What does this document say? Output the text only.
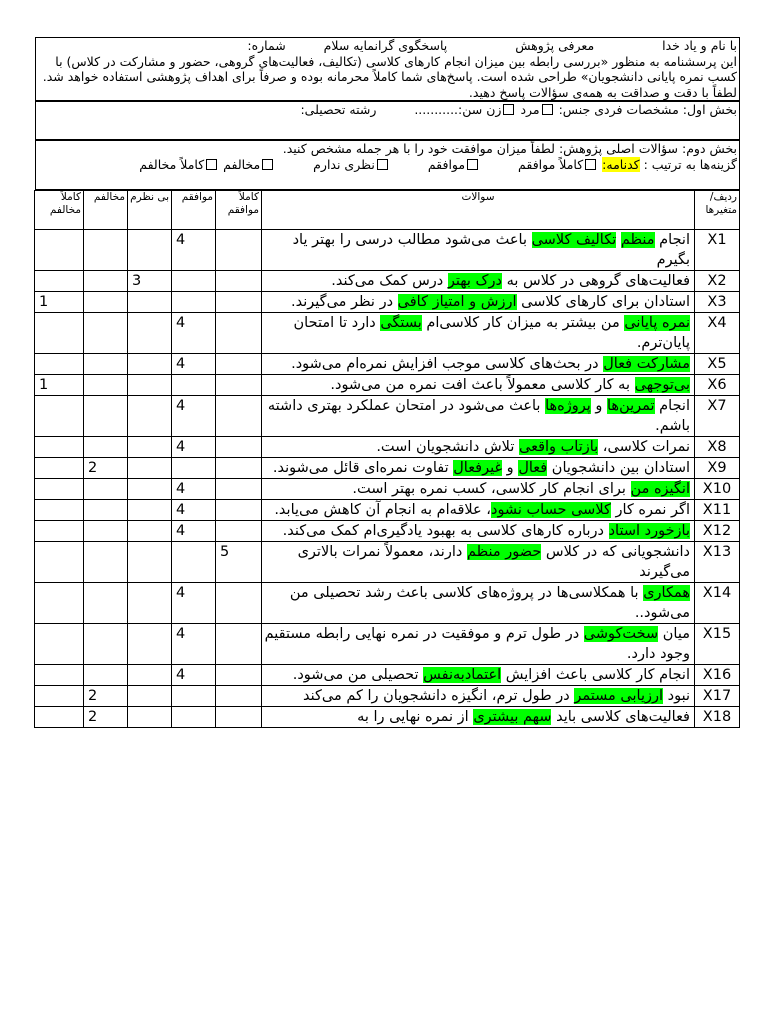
با نام و یاد خدا  معرفی پژوهش  پاسخگوی گرانمایه سلام  شماره:
این پرسشنامه به منظور «بررسی رابطه بین میزان انجام کارهای کلاسی (تکالیف، فعالیت‌های گروهی، حضور و مشارکت در کلاس) با کسب نمره پایانی دانشجویان» طراحی شده است. پاسخ‌های شما کاملاً محرمانه بوده و صرفاً برای اهداف پژوهشی استفاده خواهد شد. لطفاً با دقت و صداقت به همه‌ی سؤالات پاسخ دهید.
بخش اول: مشخصات فردی جنس: مرد زن سن:...........  رشته تحصیلی:
بخش دوم: سؤالات اصلی پژوهش: لطفاً میزان موافقت خود را با هر جمله مشخص کنید.
گزینه‌ها به ترتیب : کدنامه: کاملاً موافقم  موافقم  نظری ندارم  مخالفم کاملاً مخالفم
ردیف/ متغیرها	سوالات	کاملاً موافقم	موافقم	بی نظرم	مخالفم	کاملاً مخالفم
X1	انجام منظم تکالیف کلاسی باعث می‌شود مطالب درسی را بهتر یاد بگیرم		4			
X2	فعالیت‌های گروهی در کلاس به درک بهتر درس کمک می‌کند.			3		
X3	استادان برای کارهای کلاسی ارزش و امتیاز کافی در نظر می‌گیرند.					1
X4	نمره پایانی من بیشتر به میزان کار کلاسی‌ام بستگی دارد تا امتحان پایان‌ترم.		4			
X5	مشارکت فعال در بحث‌های کلاسی موجب افزایش نمره‌ام می‌شود.		4			
X6	بی‌توجهی به کار کلاسی معمولاً باعث افت نمره من می‌شود.					1
X7	انجام تمرین‌ها و پروژه‌ها باعث می‌شود در امتحان عملکرد بهتری داشته باشم.		4			
X8	نمرات کلاسی، بازتاب واقعی تلاش دانشجویان است.		4			
X9	استادان بین دانشجویان فعال و غیرفعال تفاوت نمره‌ای قائل می‌شوند.				2	
X10	انگیزه من برای انجام کار کلاسی، کسب نمره بهتر است.		4			
X11	اگر نمره کار کلاسی حساب نشود، علاقه‌ام به انجام آن کاهش می‌یابد.		4			
X12	بازخورد استاد درباره کارهای کلاسی به بهبود یادگیری‌ام کمک می‌کند.		4			
X13	دانشجویانی که در کلاس حضور منظم دارند، معمولاً نمرات بالاتری می‌گیرند	5				
X14	همکاری با همکلاسی‌ها در پروژه‌های کلاسی باعث رشد تحصیلی من می‌شود..		4			
X15	میان سخت‌کوشی در طول ترم و موفقیت در نمره نهایی رابطه مستقیم وجود دارد.		4			
X16	انجام کار کلاسی باعث افزایش اعتمادبه‌نفس تحصیلی من می‌شود.		4			
X17	نبود ارزیابی مستمر در طول ترم، انگیزه دانشجویان را کم می‌کند				2	
X18	فعالیت‌های کلاسی باید سهم بیشتری از نمره نهایی را به				2	
